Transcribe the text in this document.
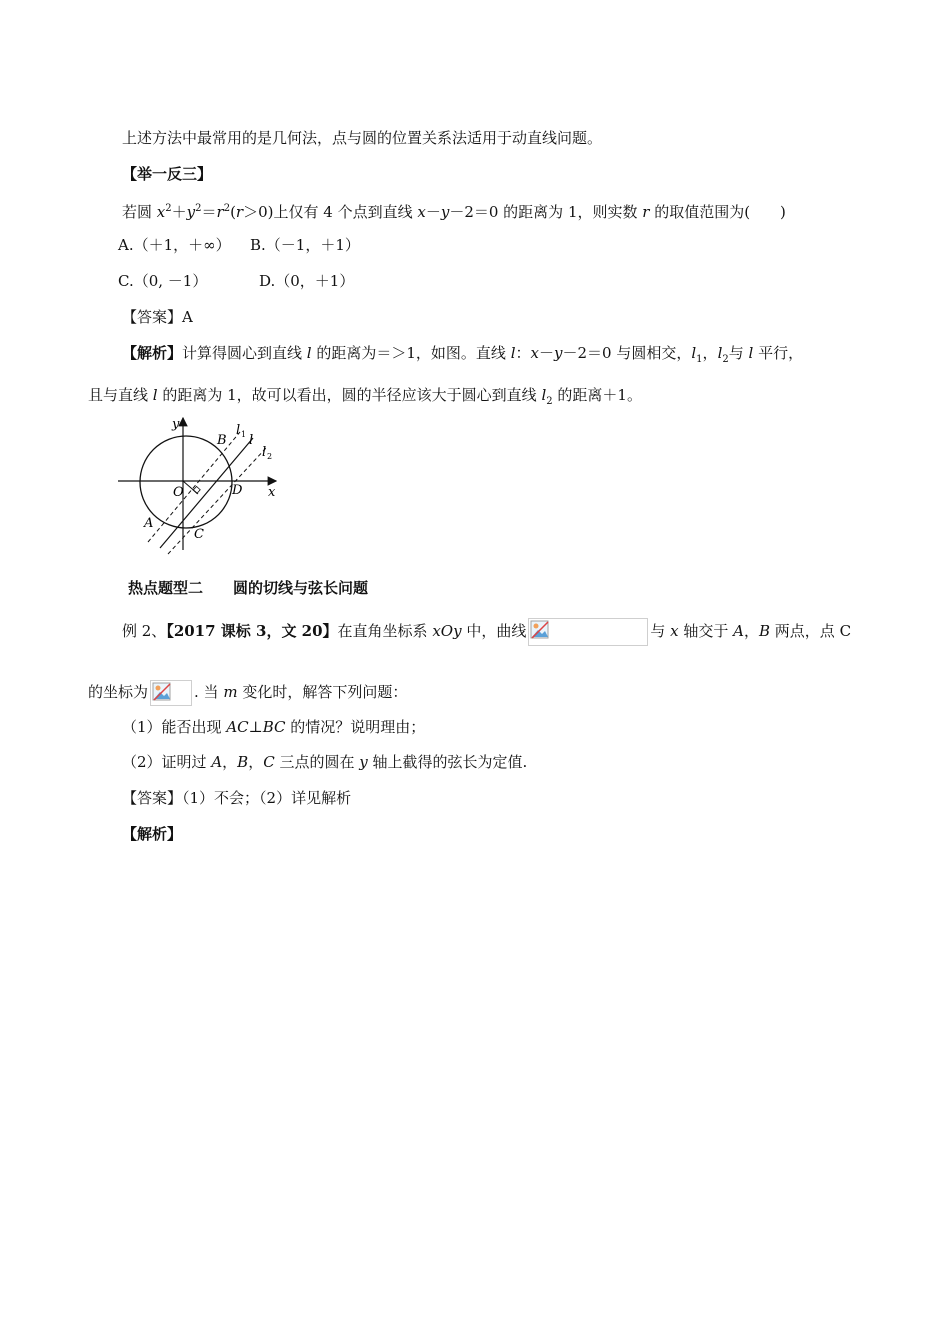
上述方法中最常用的是几何法，点与圆的位置关系法适用于动直线问题。
【举一反三】
若圆 $x^2+y^2=r^2(r>0)$上仅有 4 个点到直线 x－y－2＝0 的距离为 1，则实数 r 的取值范围为(　　)
A.（＋1，＋∞） B.（－1，＋1）
C.（0, －1）	D.（0，＋1）
【答案】A
【解析】计算得圆心到直线 l 的距离为＝＞1，如图。直线 l：x－y－2＝0 与圆相交，$l_1$，$l_2$与 l 平行，
且与直线 l 的距离为 1，故可以看出，圆的半径应该大于圆心到直线 $l_2$ 的距离＋1。
y
x
O
B
D
A
C
l 1 l
l 2
热点题型二　　圆的切线与弦长问题
例 2、【2017 课标 3，文 20】在直角坐标系 xOy 中，曲线	与 x 轴交于 A，B 两点，点 C
的坐标为	. 当 m 变化时，解答下列问题：
（1）能否出现 AC⊥BC 的情况？说明理由；
（2）证明过 A，B，C 三点的圆在 y 轴上截得的弦长为定值.
【答案】（1）不会；（2）详见解析
【解析】
